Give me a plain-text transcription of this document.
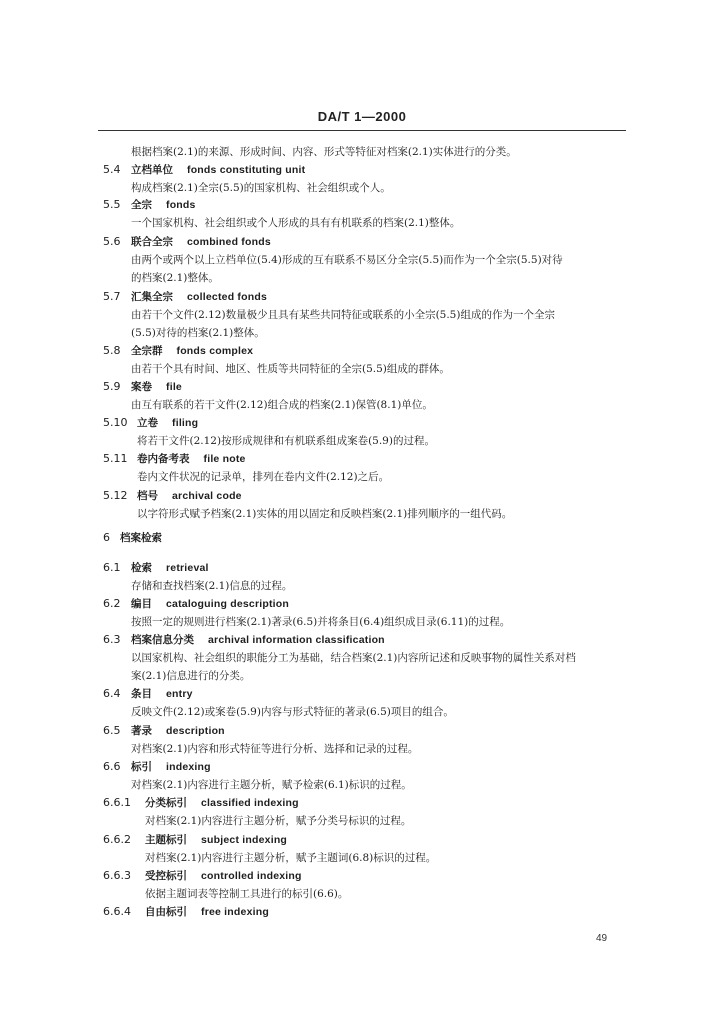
DA/T 1—2000
根据档案(2.1)的来源、形成时间、内容、形式等特征对档案(2.1)实体进行的分类。
5.4 立档单位 fonds constituting unit
构成档案(2.1)全宗(5.5)的国家机构、社会组织或个人。
5.5 全宗 fonds
一个国家机构、社会组织或个人形成的具有有机联系的档案(2.1)整体。
5.6 联合全宗 combined fonds
由两个或两个以上立档单位(5.4)形成的互有联系不易区分全宗(5.5)而作为一个全宗(5.5)对待
的档案(2.1)整体。
5.7 汇集全宗 collected fonds
由若干个文件(2.12)数量极少且具有某些共同特征或联系的小全宗(5.5)组成的作为一个全宗
(5.5)对待的档案(2.1)整体。
5.8 全宗群 fonds complex
由若干个具有时间、地区、性质等共同特征的全宗(5.5)组成的群体。
5.9 案卷 file
由互有联系的若干文件(2.12)组合成的档案(2.1)保管(8.1)单位。
5.10 立卷 filing
将若干文件(2.12)按形成规律和有机联系组成案卷(5.9)的过程。
5.11 卷内备考表 file note
卷内文件状况的记录单，排列在卷内文件(2.12)之后。
5.12 档号 archival code
以字符形式赋予档案(2.1)实体的用以固定和反映档案(2.1)排列顺序的一组代码。
6 档案检索
6.1 检索 retrieval
存储和查找档案(2.1)信息的过程。
6.2 编目 cataloguing description
按照一定的规则进行档案(2.1)著录(6.5)并将条目(6.4)组织成目录(6.11)的过程。
6.3 档案信息分类 archival information classification
以国家机构、社会组织的职能分工为基础，结合档案(2.1)内容所记述和反映事物的属性关系对档
案(2.1)信息进行的分类。
6.4 条目 entry
反映文件(2.12)或案卷(5.9)内容与形式特征的著录(6.5)项目的组合。
6.5 著录 description
对档案(2.1)内容和形式特征等进行分析、选择和记录的过程。
6.6 标引 indexing
对档案(2.1)内容进行主题分析，赋予检索(6.1)标识的过程。
6.6.1 分类标引 classified indexing
对档案(2.1)内容进行主题分析，赋予分类号标识的过程。
6.6.2 主题标引 subject indexing
对档案(2.1)内容进行主题分析，赋予主题词(6.8)标识的过程。
6.6.3 受控标引 controlled indexing
依据主题词表等控制工具进行的标引(6.6)。
6.6.4 自由标引 free indexing
49
